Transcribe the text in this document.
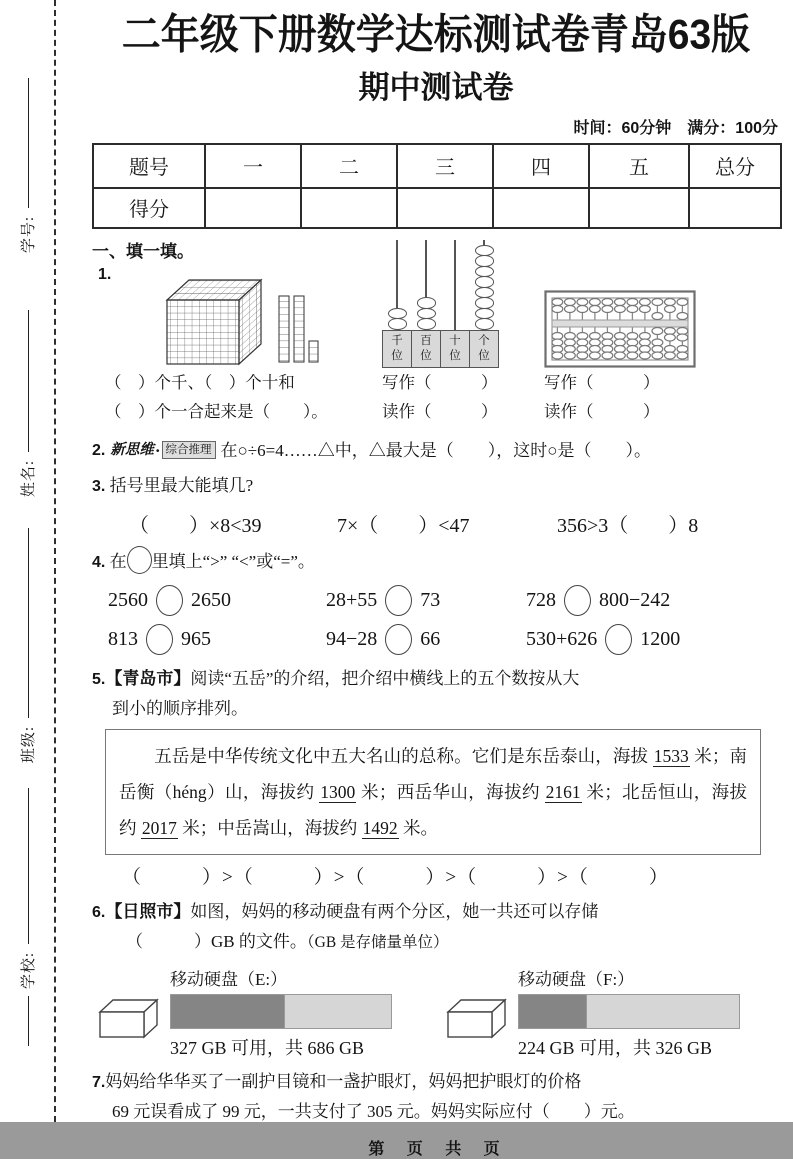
学号:
姓名:
班级:
学校:
二年级下册数学达标测试卷青岛63版
期中测试卷
时间：60分钟　满分：100分
题号	一	二	三	四	五	总分
得分						
一、填一填。
1.
（　）个千、（　）个十和
（　）个一合起来是（　　）。
千位
百位
十位
个位
写作（　　　）
读作（　　　）
写作（　　　）
读作（　　　）
2. 新思维 · 综合推理 在○÷6=4……△中，△最大是（　　），这时○是（　　）。
3. 括号里最大能填几?
（　　）×8<39	7×（　　）<47	356>3（　　）8
4. 在 里填上“>” “<”或“=”。
2560 2650	28+55 73	728 800−242
813 965	94−28 66	530+626 1200
5.【青岛市】阅读“五岳”的介绍，把介绍中横线上的五个数按从大
到小的顺序排列。
　　五岳是中华传统文化中五大名山的总称。它们是东岳泰山，海拔 1533 米；南岳衡（héng）山，海拔约 1300 米；西岳华山，海拔约 2161 米；北岳恒山，海拔约 2017 米；中岳嵩山，海拔约 1492 米。
（　　　）>（　　　）>（　　　）>（　　　）>（　　　）
6.【日照市】如图，妈妈的移动硬盘有两个分区，她一共还可以存储
（　　　）GB 的文件。（GB 是存储量单位）
移动硬盘（E:）
327 GB 可用，共 686 GB
移动硬盘（F:）
224 GB 可用，共 326 GB
7.妈妈给华华买了一副护目镜和一盏护眼灯，妈妈把护眼灯的价格
69 元误看成了 99 元，一共支付了 305 元。妈妈实际应付（　　）元。
第 页 共 页
